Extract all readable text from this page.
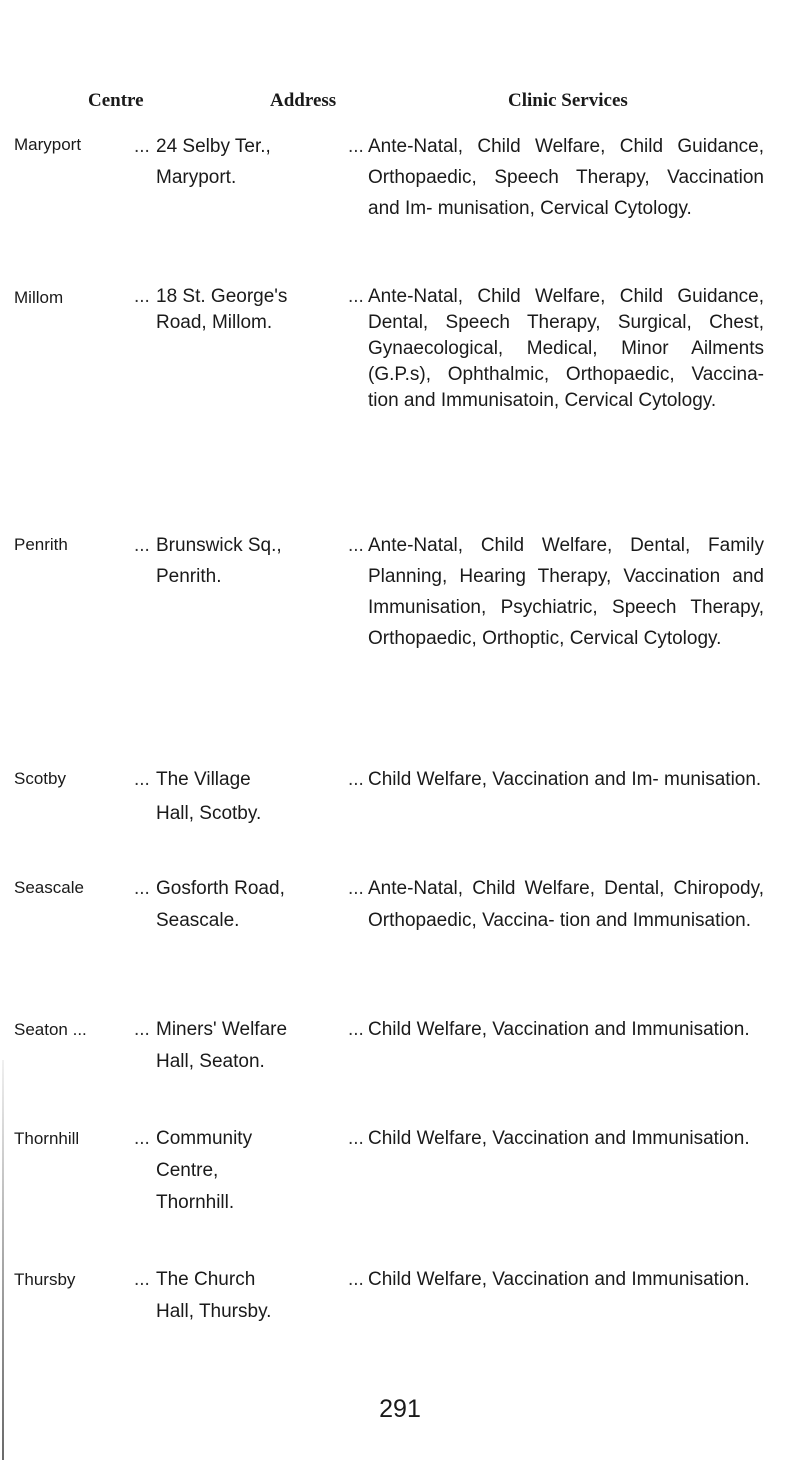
Centre	Address	Clinic Services
Maryport	... 24 Selby Ter.,
Maryport.
... Ante-Natal, Child Welfare, Child Guidance, Orthopaedic, Speech Therapy, Vaccination and Im- munisation, Cervical Cytology.

Millom	... 18 St. George's
Road, Millom.
... Ante-Natal, Child Welfare, Child Guidance, Dental, Speech Therapy, Surgical, Chest, Gynaecological, Medical, Minor Ailments (G.P.s), Ophthalmic, Orthopaedic, Vaccina- tion and Immunisatoin, Cervical Cytology.

Penrith	... Brunswick Sq.,
Penrith.
... Ante-Natal, Child Welfare, Dental, Family Planning, Hearing Therapy, Vaccination and Immunisation, Psychiatric, Speech Therapy, Orthopaedic, Orthoptic, Cervical Cytology.

Scotby	... The Village
Hall, Scotby.
... Child Welfare, Vaccination and Im- munisation.

Seascale	... Gosforth Road,
Seascale.
... Ante-Natal, Child Welfare, Dental, Chiropody, Orthopaedic, Vaccina- tion and Immunisation.

Seaton ...	... Miners' Welfare
Hall, Seaton.
... Child Welfare, Vaccination and Immunisation.

Thornhill	... Community
Centre,
Thornhill.
... Child Welfare, Vaccination and Immunisation.

Thursby	... The Church
Hall, Thursby.
... Child Welfare, Vaccination and Immunisation.

291
